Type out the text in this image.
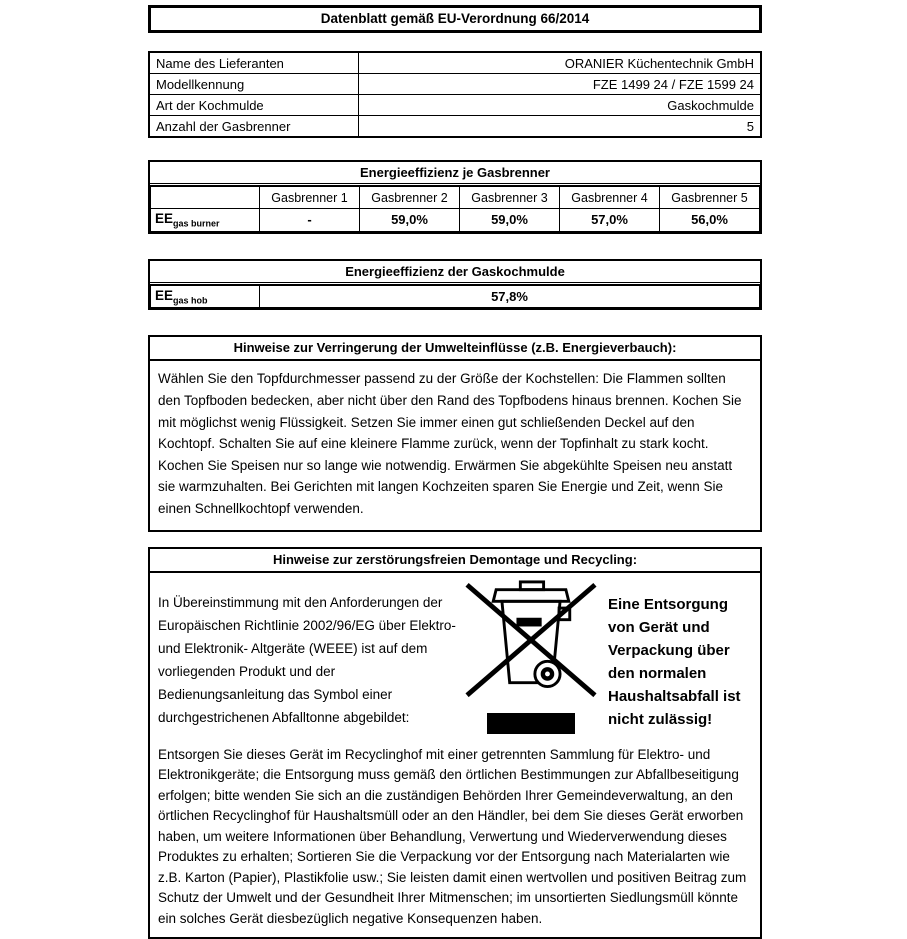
Datenblatt gemäß EU-Verordnung 66/2014
Name des Lieferanten	ORANIER Küchentechnik GmbH
Modellkennung	FZE 1499 24 / FZE 1599 24
Art der Kochmulde	Gaskochmulde
Anzahl der Gasbrenner	5
Energieeffizienz je Gasbrenner
	Gasbrenner 1	Gasbrenner 2	Gasbrenner 3	Gasbrenner 4	Gasbrenner 5
$EE_{gas burner}$	-	59,0%	59,0%	57,0%	56,0%
Energieeffizienz der Gaskochmulde
$EE_{gas hob}$	57,8%
Hinweise zur Verringerung der Umwelteinflüsse (z.B. Energieverbauch):
Wählen Sie den Topfdurchmesser passend zu der Größe der Kochstellen: Die Flammen sollten den Topfboden bedecken, aber nicht über den Rand des Topfbodens hinaus brennen. Kochen Sie mit möglichst wenig Flüssigkeit. Setzen Sie immer einen gut schließenden Deckel auf den Kochtopf. Schalten Sie auf eine kleinere Flamme zurück, wenn der Topfinhalt zu stark kocht. Kochen Sie Speisen nur so lange wie notwendig. Erwärmen Sie abgekühlte Speisen neu anstatt sie warmzuhalten. Bei Gerichten mit langen Kochzeiten sparen Sie Energie und Zeit, wenn Sie einen Schnellkochtopf verwenden.
Hinweise zur zerstörungsfreien Demontage und Recycling:
In Übereinstimmung mit den Anforderungen der Europäischen Richtlinie 2002/96/EG über Elektro- und Elektronik- Altgeräte (WEEE) ist auf dem vorliegenden Produkt und der Bedienungsanleitung das Symbol einer durchgestrichenen Abfalltonne abgebildet:
Eine Entsorgung von Gerät und Verpackung über den normalen Haushaltsabfall ist nicht zulässig!
Entsorgen Sie dieses Gerät im Recyclinghof mit einer getrennten Sammlung für Elektro- und Elektronikgeräte; die Entsorgung muss gemäß den örtlichen Bestimmungen zur Abfallbeseitigung erfolgen; bitte wenden Sie sich an die zuständigen Behörden Ihrer Gemeindeverwaltung, an den örtlichen Recyclinghof für Haushaltsmüll oder an den Händler, bei dem Sie dieses Gerät erworben haben, um weitere Informationen über Behandlung, Verwertung und Wiederverwendung dieses Produktes zu erhalten; Sortieren Sie die Verpackung vor der Entsorgung nach Materialarten wie z.B. Karton (Papier), Plastikfolie usw.; Sie leisten damit einen wertvollen und positiven Beitrag zum Schutz der Umwelt und der Gesundheit Ihrer Mitmenschen; im unsortierten Siedlungsmüll könnte ein solches Gerät diesbezüglich negative Konsequenzen haben.
